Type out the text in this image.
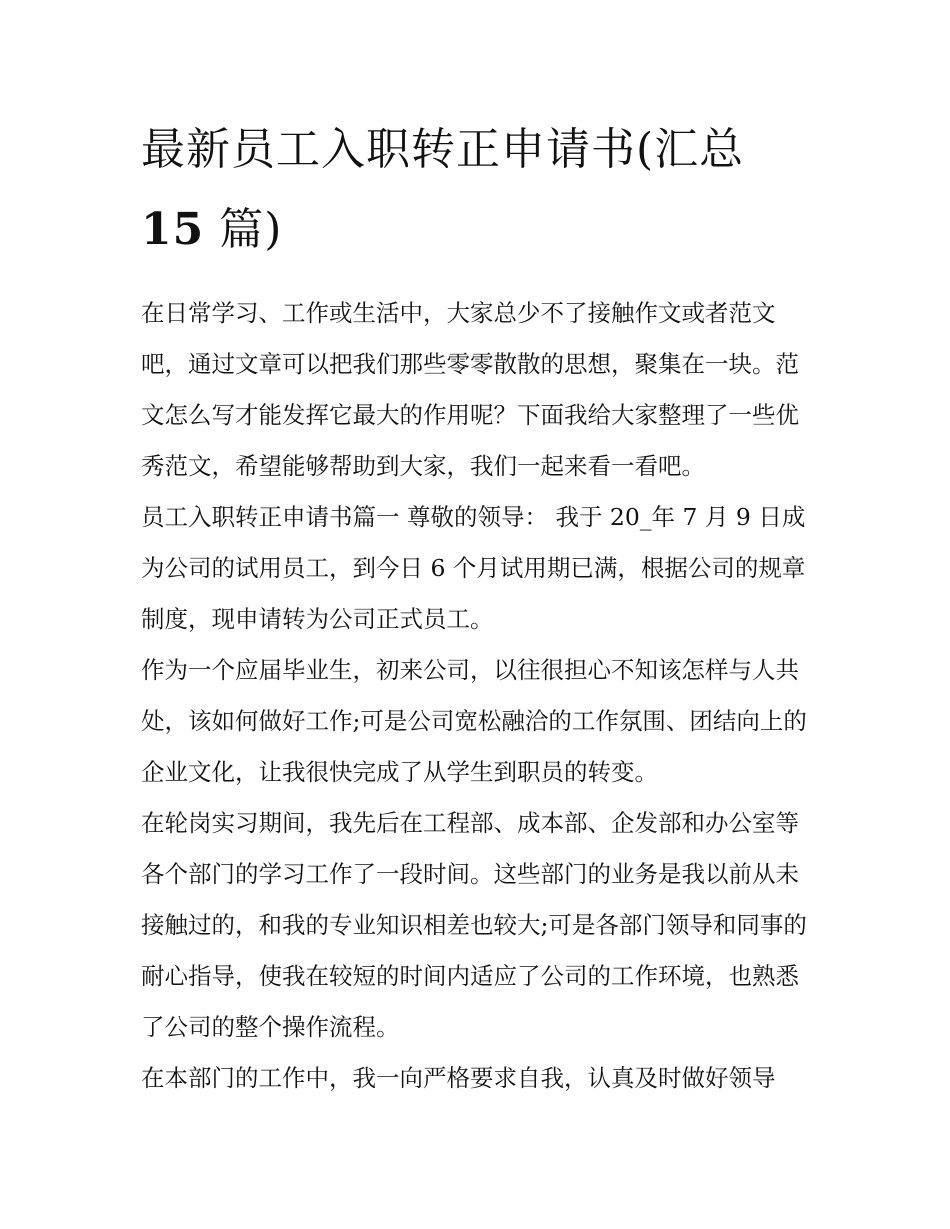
最新员工入职转正申请书(汇总
15 篇)

在日常学习、工作或生活中，大家总少不了接触作文或者范文吧，通过文章可以把我们那些零零散散的思想，聚集在一块。范文怎么写才能发挥它最大的作用呢？下面我给大家整理了一些优秀范文，希望能够帮助到大家，我们一起来看一看吧。

员工入职转正申请书篇一 尊敬的领导： 我于 20_年 7 月 9 日成为公司的试用员工，到今日 6 个月试用期已满，根据公司的规章制度，现申请转为公司正式员工。

作为一个应届毕业生，初来公司，以往很担心不知该怎样与人共处，该如何做好工作;可是公司宽松融洽的工作氛围、团结向上的企业文化，让我很快完成了从学生到职员的转变。

在轮岗实习期间，我先后在工程部、成本部、企发部和办公室等各个部门的学习工作了一段时间。这些部门的业务是我以前从未接触过的，和我的专业知识相差也较大;可是各部门领导和同事的耐心指导，使我在较短的时间内适应了公司的工作环境，也熟悉了公司的整个操作流程。

在本部门的工作中，我一向严格要求自我，认真及时做好领导
